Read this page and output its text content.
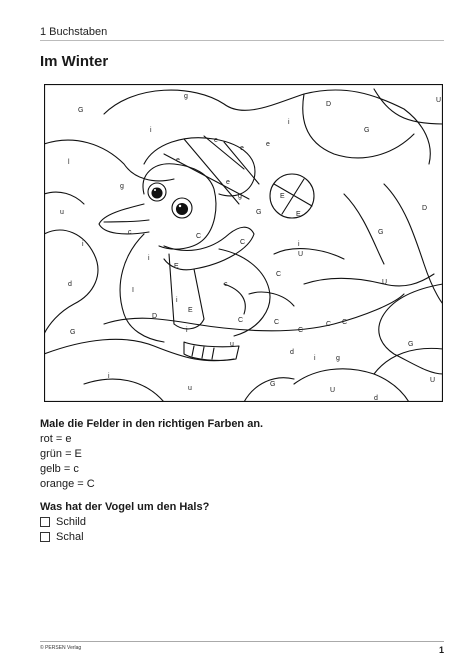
1 Buchstaben
Im Winter
g
D
U
G
i
G
i
e
e
e
l	e
e
g
g	E
G	E
D
u
c
C
C	i
G
i
i
U
E
c
C
i
d	U
I
E
D
C	C	C C
G	i	C
u	G
d
i	g
i
G
u	U
d
U
Male die Felder in den richtigen Farben an.
rot = e
grün = E
gelb = c
orange = C
Was hat der Vogel um den Hals?
Schild
Schal
© PERSEN Verlag	1
